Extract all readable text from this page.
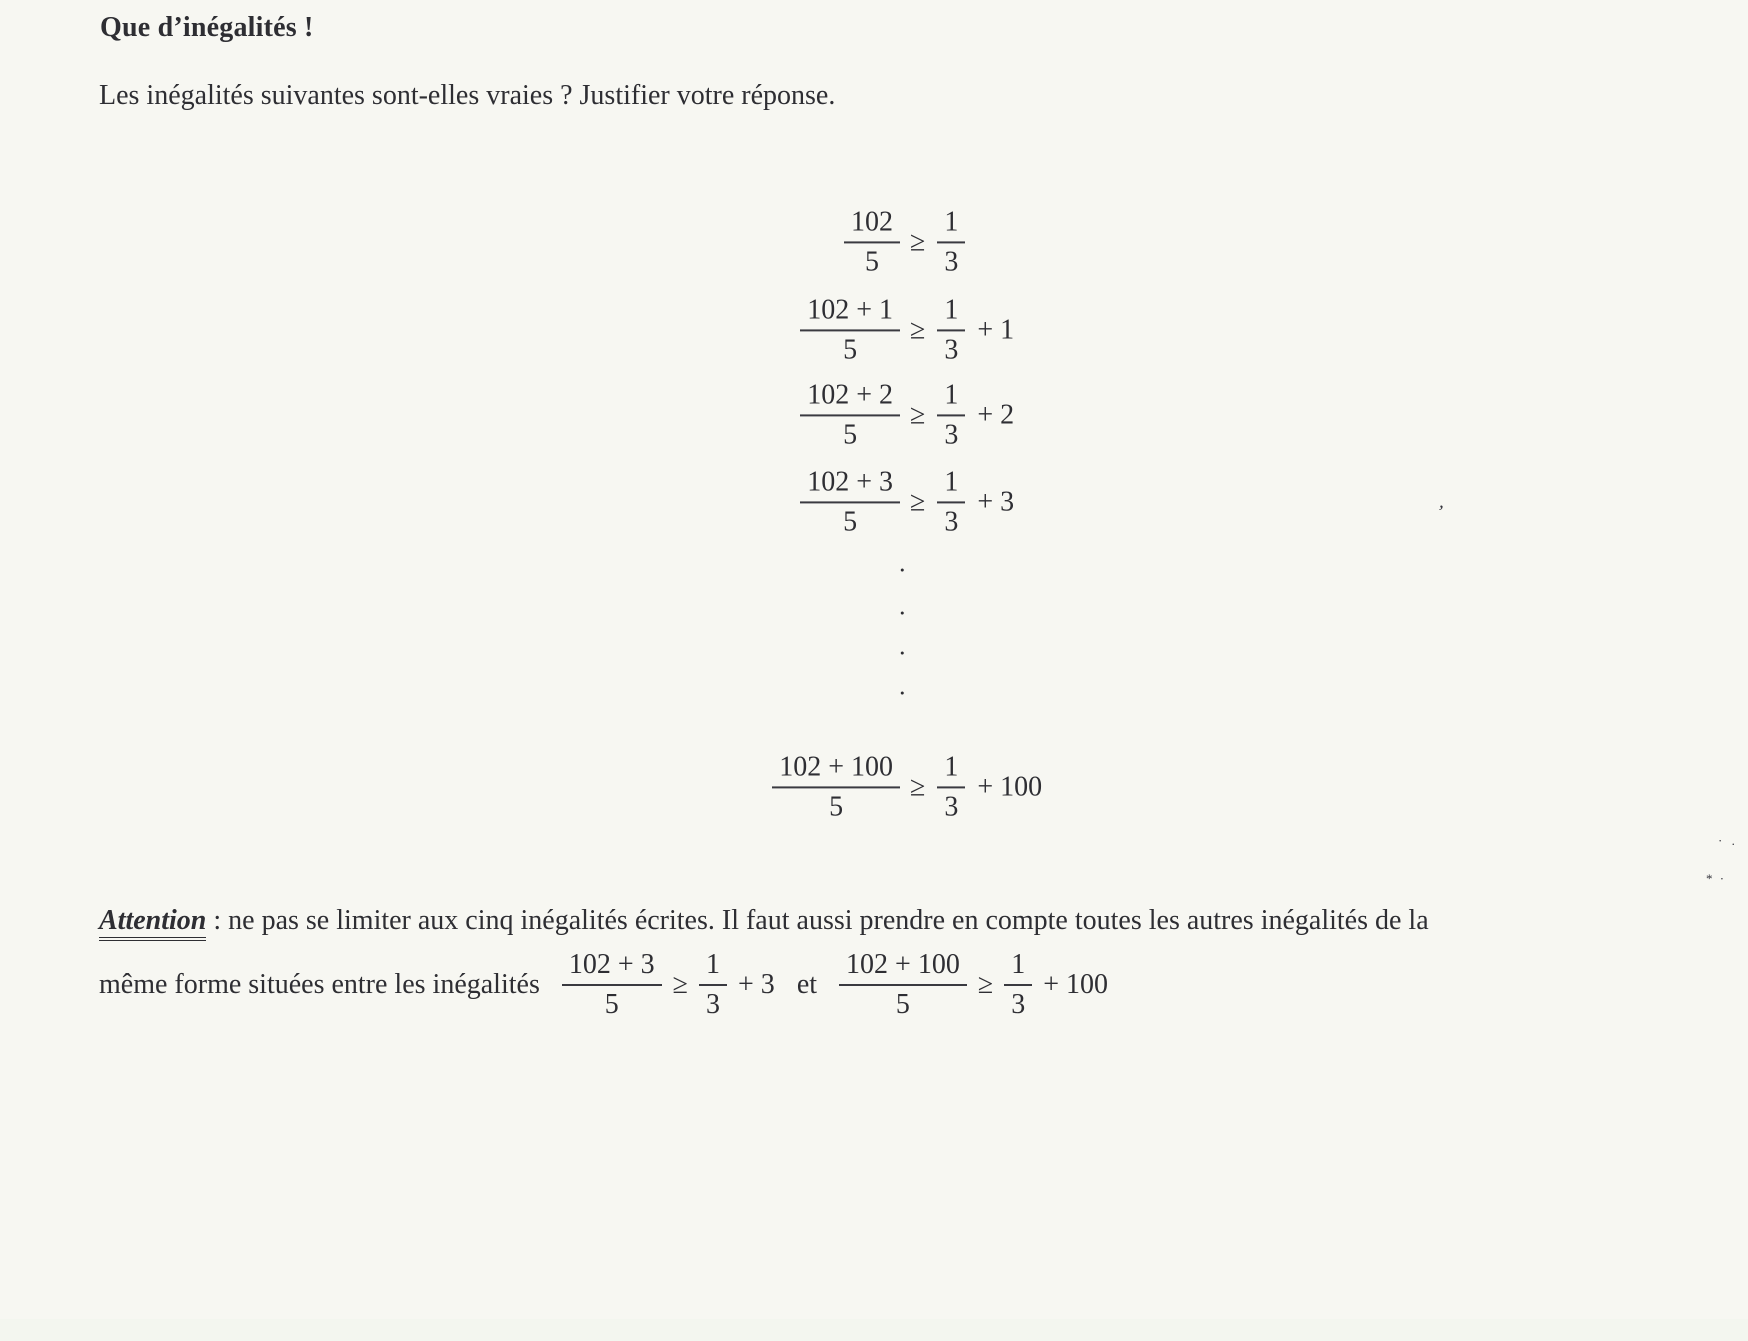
Que d’inégalités !

Les inégalités suivantes sont-elles vraies ? Justifier votre réponse.

$\frac{102}{5} \ge \frac{1}{3}$
$\frac{102 + 1}{5} \ge \frac{1}{3} + 1$
$\frac{102 + 2}{5} \ge \frac{1}{3} + 2$
$\frac{102 + 3}{5} \ge \frac{1}{3} + 3$
•
•
•
•
$\frac{102 + 100}{5} \ge \frac{1}{3} + 100$
Attention : ne pas se limiter aux cinq inégalités écrites. Il faut aussi prendre en compte toutes les autres inégalités de la
même forme situées entre les inégalités $\frac{102 + 3}{5} \ge \frac{1}{3} + 3$ et $\frac{102 + 100}{5} \ge \frac{1}{3} + 100$
ʼ
· .
* ·
